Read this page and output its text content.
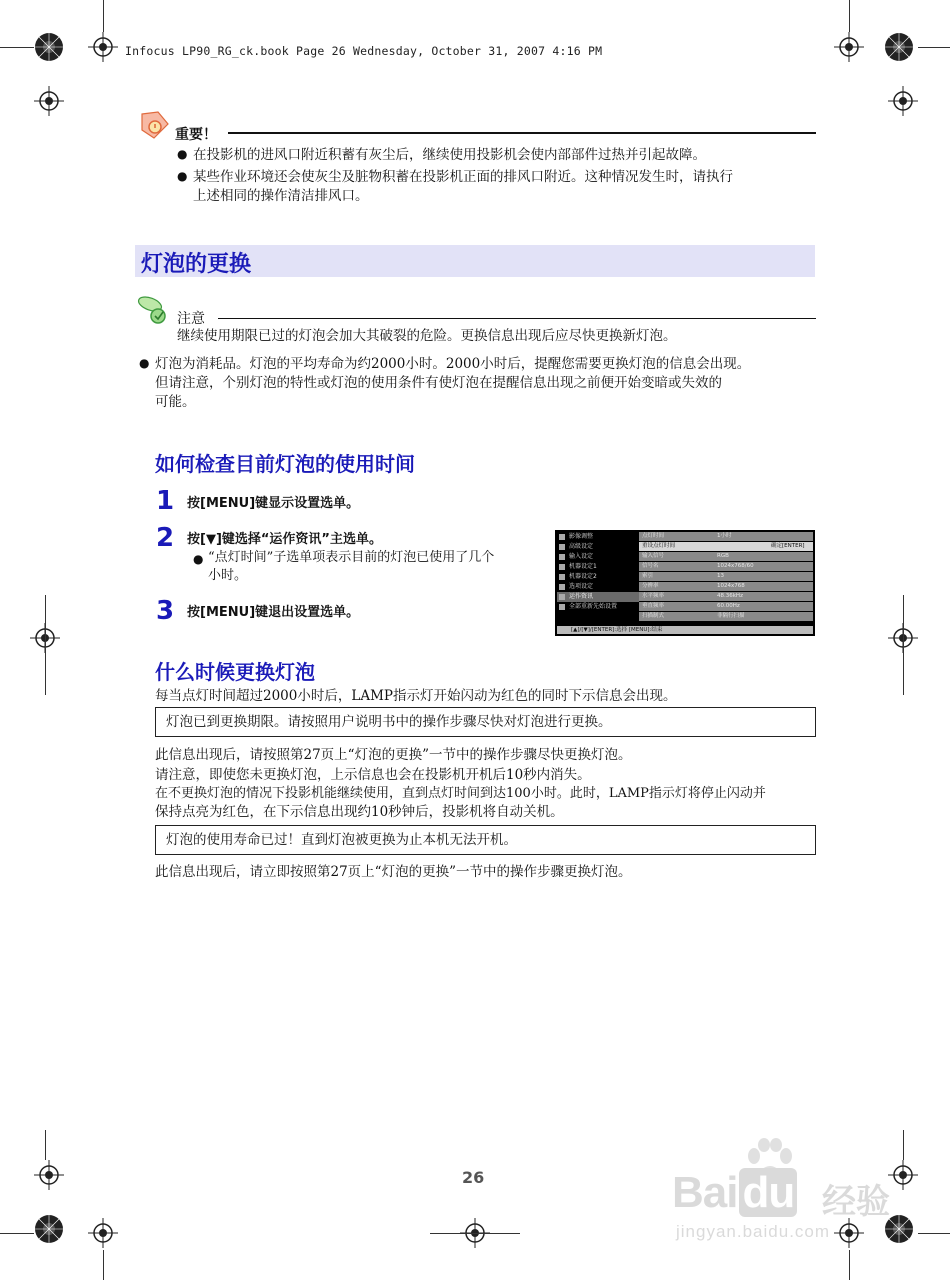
Infocus LP90_RG_ck.book Page 26 Wednesday, October 31, 2007 4:16 PM
重要！
● 在投影机的进风口附近积蓄有灰尘后，继续使用投影机会使内部部件过热并引起故障。
● 某些作业环境还会使灰尘及脏物积蓄在投影机正面的排风口附近。这种情况发生时，请执行
上述相同的操作清洁排风口。
灯泡的更换
注意
继续使用期限已过的灯泡会加大其破裂的危险。更换信息出现后应尽快更换新灯泡。
● 灯泡为消耗品。灯泡的平均寿命为约2000小时。2000小时后，提醒您需要更换灯泡的信息会出现。
但请注意，个别灯泡的特性或灯泡的使用条件有使灯泡在提醒信息出现之前便开始变暗或失效的
可能。
如何检查目前灯泡的使用时间
1 按[MENU]键显示设置选单。
2 按[▼]键选择“运作资讯”主选单。
● “点灯时间”子选单项表示目前的灯泡已使用了几个
小时。
3 按[MENU]键退出设置选单。
影像调整
高级设定
输入设定
机器设定1
机器设定2
选项设定
运作资讯
全部重新先始设置
点灯时间	1小时
重设点灯时间	确定[ENTER]
输入信号	RGB
信号名	1024x768/60
索引	13
分辨率	1024x768
水平频率	48.36kHz
垂直频率	60.00Hz
扫描制式	非隔行扫描
[▲]/[▼]/[ENTER]:选择 [MENU]:结束
什么时候更换灯泡
每当点灯时间超过2000小时后，LAMP指示灯开始闪动为红色的同时下示信息会出现。
灯泡已到更换期限。请按照用户说明书中的操作步骤尽快对灯泡进行更换。
此信息出现后，请按照第27页上“灯泡的更换”一节中的操作步骤尽快更换灯泡。
请注意，即使您未更换灯泡，上示信息也会在投影机开机后10秒内消失。
在不更换灯泡的情况下投影机能继续使用，直到点灯时间到达100小时。此时，LAMP指示灯将停止闪动并
保持点亮为红色，在下示信息出现约10秒钟后，投影机将自动关机。
灯泡的使用寿命已过！直到灯泡被更换为止本机无法开机。
此信息出现后，请立即按照第27页上“灯泡的更换”一节中的操作步骤更换灯泡。
26	Bai du 经验
jingyan.baidu.com
